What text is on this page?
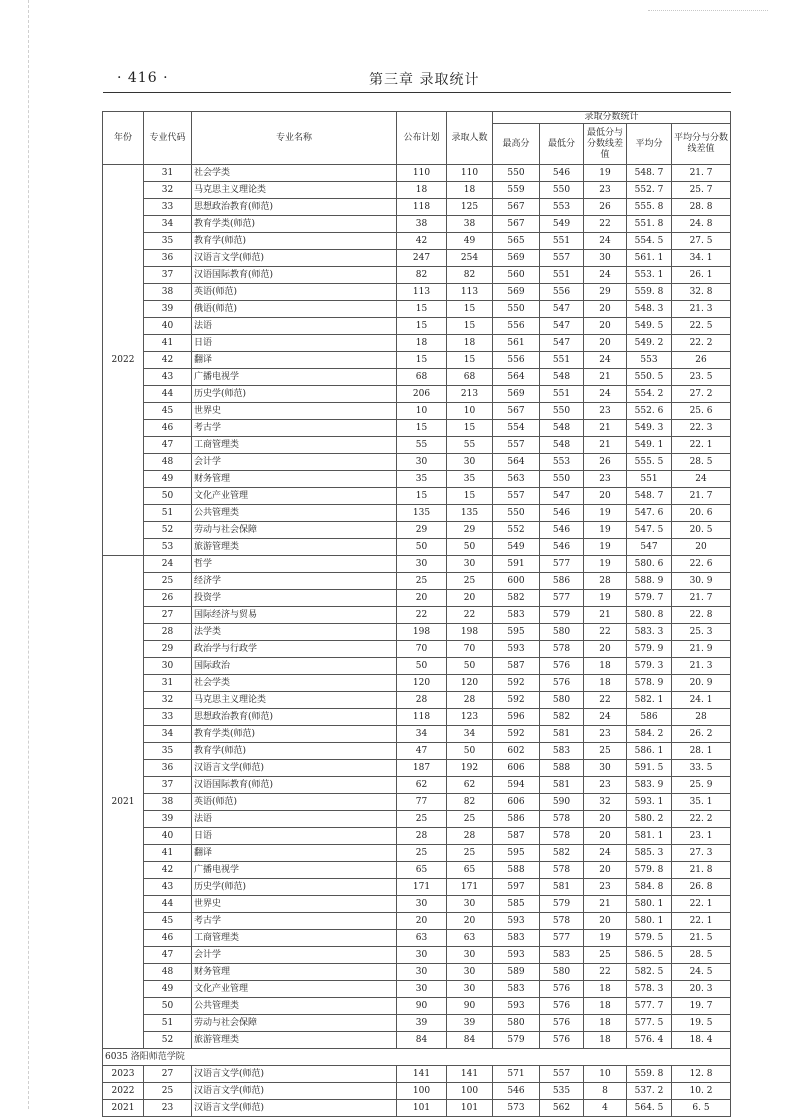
· 416 ·	第三章 录取统计
年份	专业代码	专业名称	公布计划	录取人数	录取分数统计				
					最高分	最低分	最低分与分数线差值	平均分	平均分与分数线差值
2022	31	社会学类	110	110	550	546	19	548. 7	21. 7
	32	马克思主义理论类	18	18	559	550	23	552. 7	25. 7
	33	思想政治教育(师范)	118	125	567	553	26	555. 8	28. 8
	34	教育学类(师范)	38	38	567	549	22	551. 8	24. 8
	35	教育学(师范)	42	49	565	551	24	554. 5	27. 5
	36	汉语言文学(师范)	247	254	569	557	30	561. 1	34. 1
	37	汉语国际教育(师范)	82	82	560	551	24	553. 1	26. 1
	38	英语(师范)	113	113	569	556	29	559. 8	32. 8
	39	俄语(师范)	15	15	550	547	20	548. 3	21. 3
	40	法语	15	15	556	547	20	549. 5	22. 5
	41	日语	18	18	561	547	20	549. 2	22. 2
	42	翻译	15	15	556	551	24	553	26
	43	广播电视学	68	68	564	548	21	550. 5	23. 5
	44	历史学(师范)	206	213	569	551	24	554. 2	27. 2
	45	世界史	10	10	567	550	23	552. 6	25. 6
	46	考古学	15	15	554	548	21	549. 3	22. 3
	47	工商管理类	55	55	557	548	21	549. 1	22. 1
	48	会计学	30	30	564	553	26	555. 5	28. 5
	49	财务管理	35	35	563	550	23	551	24
	50	文化产业管理	15	15	557	547	20	548. 7	21. 7
	51	公共管理类	135	135	550	546	19	547. 6	20. 6
	52	劳动与社会保障	29	29	552	546	19	547. 5	20. 5
	53	旅游管理类	50	50	549	546	19	547	20
2021	24	哲学	30	30	591	577	19	580. 6	22. 6
	25	经济学	25	25	600	586	28	588. 9	30. 9
	26	投资学	20	20	582	577	19	579. 7	21. 7
	27	国际经济与贸易	22	22	583	579	21	580. 8	22. 8
	28	法学类	198	198	595	580	22	583. 3	25. 3
	29	政治学与行政学	70	70	593	578	20	579. 9	21. 9
	30	国际政治	50	50	587	576	18	579. 3	21. 3
	31	社会学类	120	120	592	576	18	578. 9	20. 9
	32	马克思主义理论类	28	28	592	580	22	582. 1	24. 1
	33	思想政治教育(师范)	118	123	596	582	24	586	28
	34	教育学类(师范)	34	34	592	581	23	584. 2	26. 2
	35	教育学(师范)	47	50	602	583	25	586. 1	28. 1
	36	汉语言文学(师范)	187	192	606	588	30	591. 5	33. 5
	37	汉语国际教育(师范)	62	62	594	581	23	583. 9	25. 9
	38	英语(师范)	77	82	606	590	32	593. 1	35. 1
	39	法语	25	25	586	578	20	580. 2	22. 2
	40	日语	28	28	587	578	20	581. 1	23. 1
	41	翻译	25	25	595	582	24	585. 3	27. 3
	42	广播电视学	65	65	588	578	20	579. 8	21. 8
	43	历史学(师范)	171	171	597	581	23	584. 8	26. 8
	44	世界史	30	30	585	579	21	580. 1	22. 1
	45	考古学	20	20	593	578	20	580. 1	22. 1
	46	工商管理类	63	63	583	577	19	579. 5	21. 5
	47	会计学	30	30	593	583	25	586. 5	28. 5
	48	财务管理	30	30	589	580	22	582. 5	24. 5
	49	文化产业管理	30	30	583	576	18	578. 3	20. 3
	50	公共管理类	90	90	593	576	18	577. 7	19. 7
	51	劳动与社会保障	39	39	580	576	18	577. 5	19. 5
	52	旅游管理类	84	84	579	576	18	576. 4	18. 4
6035 洛阳师范学院									
2023	27	汉语言文学(师范)	141	141	571	557	10	559. 8	12. 8
2022	25	汉语言文学(师范)	100	100	546	535	8	537. 2	10. 2
2021	23	汉语言文学(师范)	101	101	573	562	4	564. 5	6. 5
